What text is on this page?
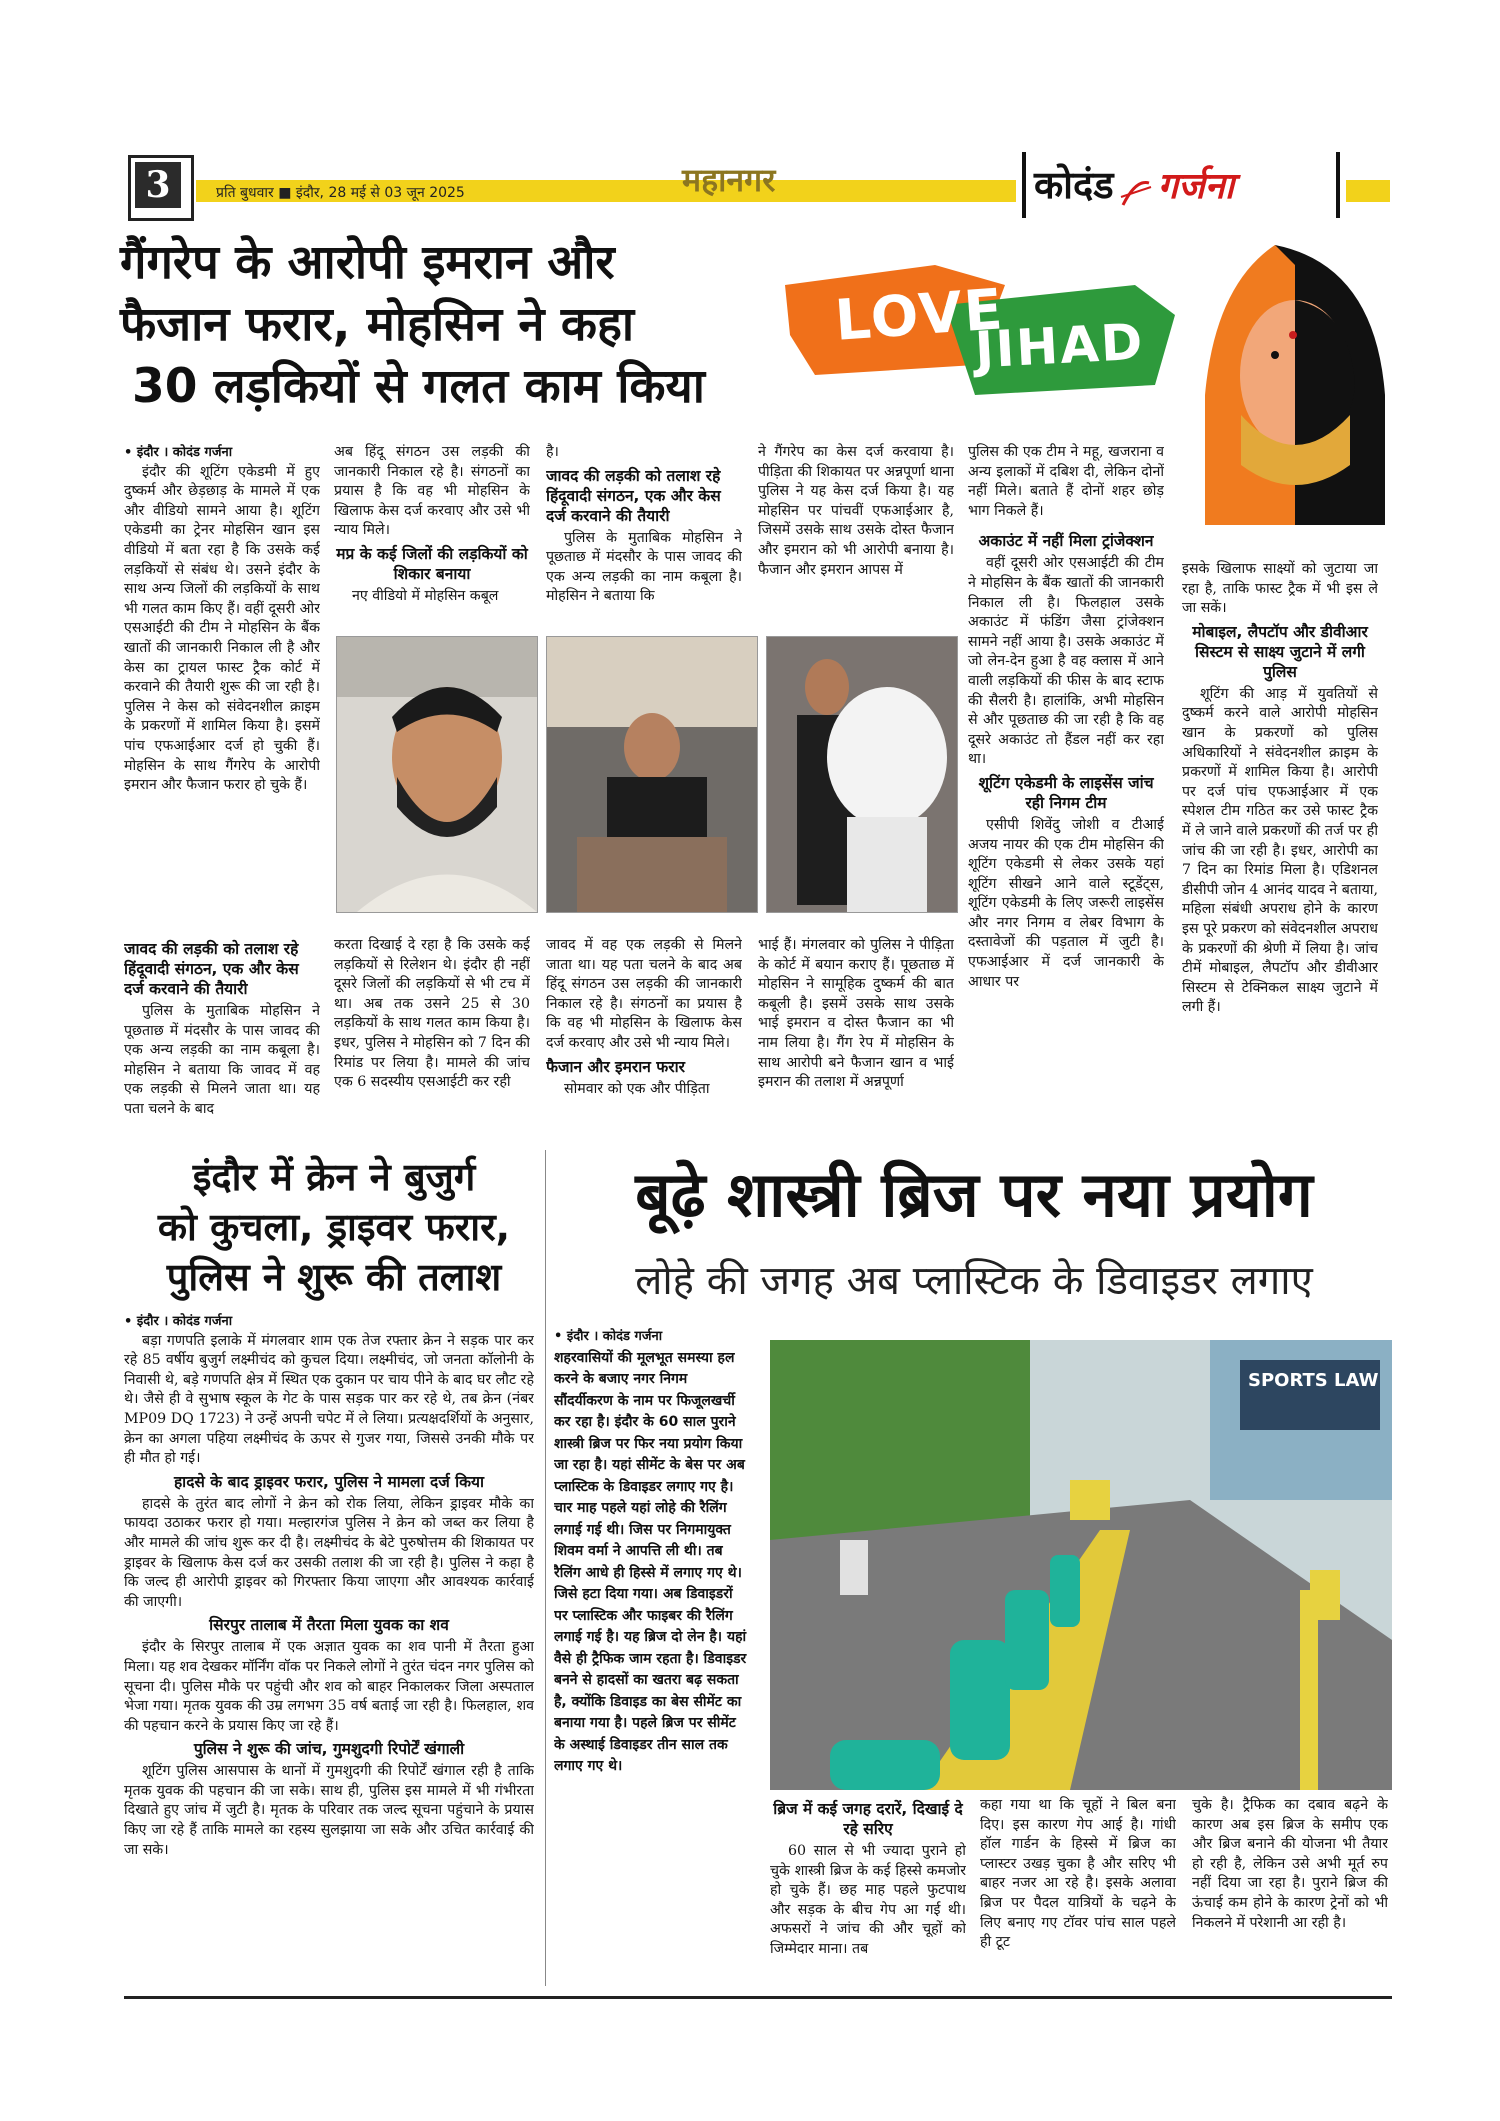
3	प्रति बुधवार ■ इंदौर, 28 मई से 03 जून 2025	महानगर	कोदंड गर्जना
गैंगरेप के आरोपी इमरान और
फैजान फरार, मोहसिन ने कहा
30 लड़कियों से गलत काम किया
LOVE
JIHAD

• इंदौर । कोदंड गर्जना

इंदौर की शूटिंग एकेडमी में हुए दुष्कर्म और छेड़छाड़ के मामले में एक और वीडियो सामने आया है। शूटिंग एकेडमी का ट्रेनर मोहसिन खान इस वीडियो में बता रहा है कि उसके कई लड़कियों से संबंध थे। उसने इंदौर के साथ अन्य जिलों की लड़कियों के साथ भी गलत काम किए हैं। वहीं दूसरी ओर एसआईटी की टीम ने मोहसिन के बैंक खातों की जानकारी निकाल ली है और केस का ट्रायल फास्ट ट्रैक कोर्ट में करवाने की तैयारी शुरू की जा रही है। पुलिस ने केस को संवेदनशील क्राइम के प्रकरणों में शामिल किया है। इसमें पांच एफआईआर दर्ज हो चुकी हैं। मोहसिन के साथ गैंगरेप के आरोपी इमरान और फैजान फरार हो चुके हैं।

अब हिंदू संगठन उस लड़की की जानकारी निकाल रहे है। संगठनों का प्रयास है कि वह भी मोहसिन के खिलाफ केस दर्ज करवाए और उसे भी न्याय मिले।

मप्र के कई जिलों की लड़कियों को शिकार बनाया

नए वीडियो में मोहसिन कबूल

है।

जावद की लड़की को तलाश रहे हिंदूवादी संगठन, एक और केस दर्ज करवाने की तैयारी

पुलिस के मुताबिक मोहसिन ने पूछताछ में मंदसौर के पास जावद की एक अन्य लड़की का नाम कबूला है। मोहसिन ने बताया कि

ने गैंगरेप का केस दर्ज करवाया है। पीड़िता की शिकायत पर अन्नपूर्णा थाना पुलिस ने यह केस दर्ज किया है। यह मोहसिन पर पांचवीं एफआईआर है, जिसमें उसके साथ उसके दोस्त फैजान और इमरान को भी आरोपी बनाया है। फैजान और इमरान आपस में

पुलिस की एक टीम ने महू, खजराना व अन्य इलाकों में दबिश दी, लेकिन दोनों नहीं मिले। बताते हैं दोनों शहर छोड़ भाग निकले हैं।

अकाउंट में नहीं मिला ट्रांजेक्शन

वहीं दूसरी ओर एसआईटी की टीम ने मोहसिन के बैंक खातों की जानकारी निकाल ली है। फिलहाल उसके अकाउंट में फंडिंग जैसा ट्रांजेक्शन सामने नहीं आया है। उसके अकाउंट में जो लेन-देन हुआ है वह क्लास में आने वाली लड़कियों की फीस के बाद स्टाफ की सैलरी है। हालांकि, अभी मोहसिन से और पूछताछ की जा रही है कि वह दूसरे अकाउंट तो हैंडल नहीं कर रहा था।

शूटिंग एकेडमी के लाइसेंस जांच रही निगम टीम

एसीपी शिवेंदु जोशी व टीआई अजय नायर की एक टीम मोहसिन की शूटिंग एकेडमी से लेकर उसके यहां शूटिंग सीखने आने वाले स्टूडेंट्स, शूटिंग एकेडमी के लिए जरूरी लाइसेंस और नगर निगम व लेबर विभाग के दस्तावेजों की पड़ताल में जुटी है। एफआईआर में दर्ज जानकारी के आधार पर

इसके खिलाफ साक्ष्यों को जुटाया जा रहा है, ताकि फास्ट ट्रैक में भी इस ले जा सकें।

मोबाइल, लैपटॉप और डीवीआर सिस्टम से साक्ष्य जुटाने में लगी पुलिस

शूटिंग की आड़ में युवतियों से दुष्कर्म करने वाले आरोपी मोहसिन खान के प्रकरणों को पुलिस अधिकारियों ने संवेदनशील क्राइम के प्रकरणों में शामिल किया है। आरोपी पर दर्ज पांच एफआईआर में एक स्पेशल टीम गठित कर उसे फास्ट ट्रैक में ले जाने वाले प्रकरणों की तर्ज पर ही जांच की जा रही है। इधर, आरोपी का 7 दिन का रिमांड मिला है। एडिशनल डीसीपी जोन 4 आनंद यादव ने बताया, महिला संबंधी अपराध होने के कारण इस पूरे प्रकरण को संवेदनशील अपराध के प्रकरणों की श्रेणी में लिया है। जांच टीमें मोबाइल, लैपटॉप और डीवीआर सिस्टम से टेक्निकल साक्ष्य जुटाने में लगी हैं।

जावद की लड़की को तलाश रहे हिंदूवादी संगठन, एक और केस दर्ज करवाने की तैयारी

पुलिस के मुताबिक मोहसिन ने पूछताछ में मंदसौर के पास जावद की एक अन्य लड़की का नाम कबूला है। मोहसिन ने बताया कि जावद में वह एक लड़की से मिलने जाता था। यह पता चलने के बाद

करता दिखाई दे रहा है कि उसके कई लड़कियों से रिलेशन थे। इंदौर ही नहीं दूसरे जिलों की लड़कियों से भी टच में था। अब तक उसने 25 से 30 लड़कियों के साथ गलत काम किया है। इधर, पुलिस ने मोहसिन को 7 दिन की रिमांड पर लिया है। मामले की जांच एक 6 सदस्यीय एसआईटी कर रही

जावद में वह एक लड़की से मिलने जाता था। यह पता चलने के बाद अब हिंदू संगठन उस लड़की की जानकारी निकाल रहे है। संगठनों का प्रयास है कि वह भी मोहसिन के खिलाफ केस दर्ज करवाए और उसे भी न्याय मिले।

फैजान और इमरान फरार

सोमवार को एक और पीड़िता

भाई हैं। मंगलवार को पुलिस ने पीड़िता के कोर्ट में बयान कराए हैं। पूछताछ में मोहसिन ने सामूहिक दुष्कर्म की बात कबूली है। इसमें उसके साथ उसके भाई इमरान व दोस्त फैजान का भी नाम लिया है। गैंग रेप में मोहसिन के साथ आरोपी बने फैजान खान व भाई इमरान की तलाश में अन्नपूर्णा

इंदौर में क्रेन ने बुजुर्ग
को कुचला, ड्राइवर फरार,
पुलिस ने शुरू की तलाश

• इंदौर । कोदंड गर्जना

बड़ा गणपति इलाके में मंगलवार शाम एक तेज रफ्तार क्रेन ने सड़क पार कर रहे 85 वर्षीय बुजुर्ग लक्ष्मीचंद को कुचल दिया। लक्ष्मीचंद, जो जनता कॉलोनी के निवासी थे, बड़े गणपति क्षेत्र में स्थित एक दुकान पर चाय पीने के बाद घर लौट रहे थे। जैसे ही वे सुभाष स्कूल के गेट के पास सड़क पार कर रहे थे, तब क्रेन (नंबर MP09 DQ 1723) ने उन्हें अपनी चपेट में ले लिया। प्रत्यक्षदर्शियों के अनुसार, क्रेन का अगला पहिया लक्ष्मीचंद के ऊपर से गुजर गया, जिससे उनकी मौके पर ही मौत हो गई।

हादसे के बाद ड्राइवर फरार, पुलिस ने मामला दर्ज किया

हादसे के तुरंत बाद लोगों ने क्रेन को रोक लिया, लेकिन ड्राइवर मौके का फायदा उठाकर फरार हो गया। मल्हारगंज पुलिस ने क्रेन को जब्त कर लिया है और मामले की जांच शुरू कर दी है। लक्ष्मीचंद के बेटे पुरुषोत्तम की शिकायत पर ड्राइवर के खिलाफ केस दर्ज कर उसकी तलाश की जा रही है। पुलिस ने कहा है कि जल्द ही आरोपी ड्राइवर को गिरफ्तार किया जाएगा और आवश्यक कार्रवाई की जाएगी।

सिरपुर तालाब में तैरता मिला युवक का शव

इंदौर के सिरपुर तालाब में एक अज्ञात युवक का शव पानी में तैरता हुआ मिला। यह शव देखकर मॉर्निंग वॉक पर निकले लोगों ने तुरंत चंदन नगर पुलिस को सूचना दी। पुलिस मौके पर पहुंची और शव को बाहर निकालकर जिला अस्पताल भेजा गया। मृतक युवक की उम्र लगभग 35 वर्ष बताई जा रही है। फिलहाल, शव की पहचान करने के प्रयास किए जा रहे हैं।

पुलिस ने शुरू की जांच, गुमशुदगी रिपोर्टें खंगाली

शूटिंग पुलिस आसपास के थानों में गुमशुदगी की रिपोर्टें खंगाल रही है ताकि मृतक युवक की पहचान की जा सके। साथ ही, पुलिस इस मामले में भी गंभीरता दिखाते हुए जांच में जुटी है। मृतक के परिवार तक जल्द सूचना पहुंचाने के प्रयास किए जा रहे हैं ताकि मामले का रहस्य सुलझाया जा सके और उचित कार्रवाई की जा सके।

बूढ़े शास्त्री ब्रिज पर नया प्रयोग
लोहे की जगह अब प्लास्टिक के डिवाइडर लगाए

• इंदौर । कोदंड गर्जना

शहरवासियों की मूलभूत समस्या हल करने के बजाए नगर निगम सौंदर्यीकरण के नाम पर फिजूलखर्ची कर रहा है। इंदौर के 60 साल पुराने शास्त्री ब्रिज पर फिर नया प्रयोग किया जा रहा है। यहां सीमेंट के बेस पर अब प्लास्टिक के डिवाइडर लगाए गए है। चार माह पहले यहां लोहे की रैलिंग लगाई गई थी। जिस पर निगमायुक्त शिवम वर्मा ने आपत्ति ली थी। तब रैलिंग आधे ही हिस्से में लगाए गए थे। जिसे हटा दिया गया। अब डिवाइडरों पर प्लास्टिक और फाइबर की रैलिंग लगाई गई है। यह ब्रिज दो लेन है। यहां वैसे ही ट्रैफिक जाम रहता है। डिवाइडर बनने से हादसों का खतरा बढ़ सकता है, क्योंकि डिवाइड का बेस सीमेंट का बनाया गया है। पहले ब्रिज पर सीमेंट के अस्थाई डिवाइडर तीन साल तक लगाए गए थे।

SPORTS LAW
ब्रिज में कई जगह दरारें, दिखाई दे रहे सरिए

60 साल से भी ज्यादा पुराने हो चुके शास्त्री ब्रिज के कई हिस्से कमजोर हो चुके हैं। छह माह पहले फुटपाथ और सड़क के बीच गेप आ गई थी। अफसरों ने जांच की और चूहों को जिम्मेदार माना। तब

कहा गया था कि चूहों ने बिल बना दिए। इस कारण गेप आई है। गांधी हॉल गार्डन के हिस्से में ब्रिज का प्लास्टर उखड़ चुका है और सरिए भी बाहर नजर आ रहे है। इसके अलावा ब्रिज पर पैदल यात्रियों के चढ़ने के लिए बनाए गए टॉवर पांच साल पहले ही टूट

चुके है। ट्रैफिक का दबाव बढ़ने के कारण अब इस ब्रिज के समीप एक और ब्रिज बनाने की योजना भी तैयार हो रही है, लेकिन उसे अभी मूर्त रुप नहीं दिया जा रहा है। पुराने ब्रिज की ऊंचाई कम होने के कारण ट्रेनों को भी निकलने में परेशानी आ रही है।
